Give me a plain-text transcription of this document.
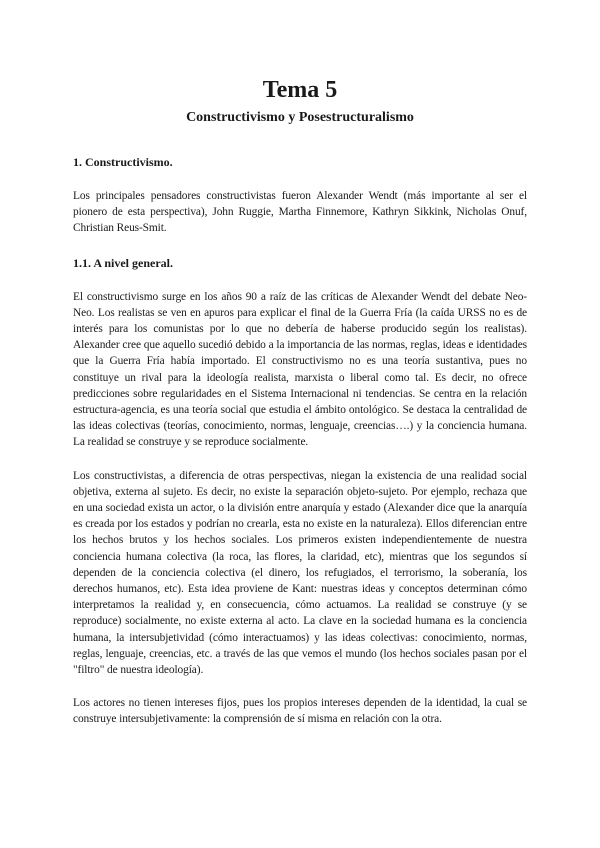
Tema 5
Constructivismo y Posestructuralismo
1. Constructivismo.

Los principales pensadores constructivistas fueron Alexander Wendt (más importante al ser el pionero de esta perspectiva), John Ruggie, Martha Finnemore, Kathryn Sikkink, Nicholas Onuf, Christian Reus-Smit.

1.1. A nivel general.

El constructivismo surge en los años 90 a raíz de las críticas de Alexander Wendt del debate Neo-Neo. Los realistas se ven en apuros para explicar el final de la Guerra Fría (la caída URSS no es de interés para los comunistas por lo que no debería de haberse producido según los realistas). Alexander cree que aquello sucedió debido a la importancia de las normas, reglas, ideas e identidades que la Guerra Fría había importado. El constructivismo no es una teoría sustantiva, pues no constituye un rival para la ideología realista, marxista o liberal como tal. Es decir, no ofrece predicciones sobre regularidades en el Sistema Internacional ni tendencias. Se centra en la relación estructura-agencia, es una teoría social que estudia el ámbito ontológico. Se destaca la centralidad de las ideas colectivas (teorías, conocimiento, normas, lenguaje, creencias….) y la conciencia humana. La realidad se construye y se reproduce socialmente.

Los constructivistas, a diferencia de otras perspectivas, niegan la existencia de una realidad social objetiva, externa al sujeto. Es decir, no existe la separación objeto-sujeto. Por ejemplo, rechaza que en una sociedad exista un actor, o la división entre anarquía y estado (Alexander dice que la anarquía es creada por los estados y podrían no crearla, esta no existe en la naturaleza). Ellos diferencian entre los hechos brutos y los hechos sociales. Los primeros existen independientemente de nuestra conciencia humana colectiva (la roca, las flores, la claridad, etc), mientras que los segundos sí dependen de la conciencia colectiva (el dinero, los refugiados, el terrorismo, la soberanía, los derechos humanos, etc). Esta idea proviene de Kant: nuestras ideas y conceptos determinan cómo interpretamos la realidad y, en consecuencia, cómo actuamos. La realidad se construye (y se reproduce) socialmente, no existe externa al acto. La clave en la sociedad humana es la conciencia humana, la intersubjetividad (cómo interactuamos) y las ideas colectivas: conocimiento, normas, reglas, lenguaje, creencias, etc. a través de las que vemos el mundo (los hechos sociales pasan por el "filtro" de nuestra ideología).

Los actores no tienen intereses fijos, pues los propios intereses dependen de la identidad, la cual se construye intersubjetivamente: la comprensión de sí misma en relación con la otra.
